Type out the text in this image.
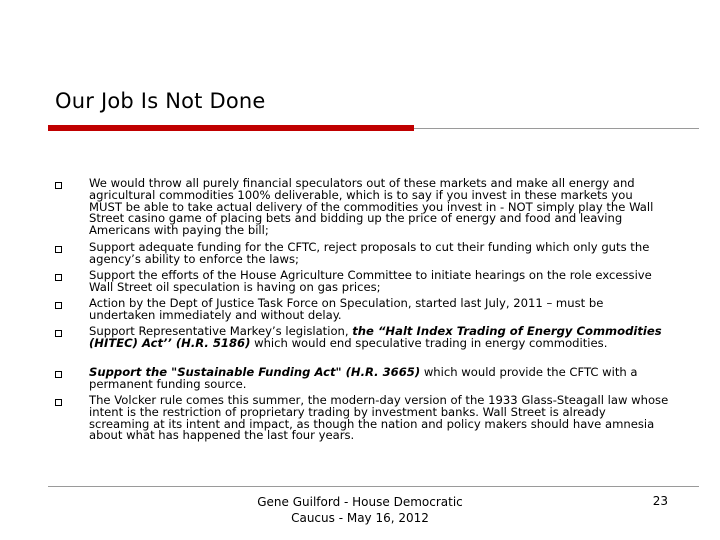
Our Job Is Not Done
We would throw all purely financial speculators out of these markets and make all energy and agricultural commodities 100% deliverable, which is to say if you invest in these markets you MUST be able to take actual delivery of the commodities you invest in - NOT simply play the Wall Street casino game of placing bets and bidding up the price of energy and food and leaving Americans with paying the bill;
Support adequate funding for the CFTC, reject proposals to cut their funding which only guts the agency’s ability to enforce the laws;
Support the efforts of the House Agriculture Committee to initiate hearings on the role excessive Wall Street oil speculation is having on gas prices;
Action by the Dept of Justice Task Force on Speculation, started last July, 2011 – must be undertaken immediately and without delay.
Support Representative Markey’s legislation, the “Halt Index Trading of Energy Commodities (HITEC) Act’’ (H.R. 5186) which would end speculative trading in energy commodities.
Support the "Sustainable Funding Act" (H.R. 3665) which would provide the CFTC with a permanent funding source.
The Volcker rule comes this summer, the modern-day version of the 1933 Glass-Steagall law whose intent is the restriction of proprietary trading by investment banks. Wall Street is already screaming at its intent and impact, as though the nation and policy makers should have amnesia about what has happened the last four years.
Gene Guilford - House Democratic
Caucus - May 16, 2012
23
